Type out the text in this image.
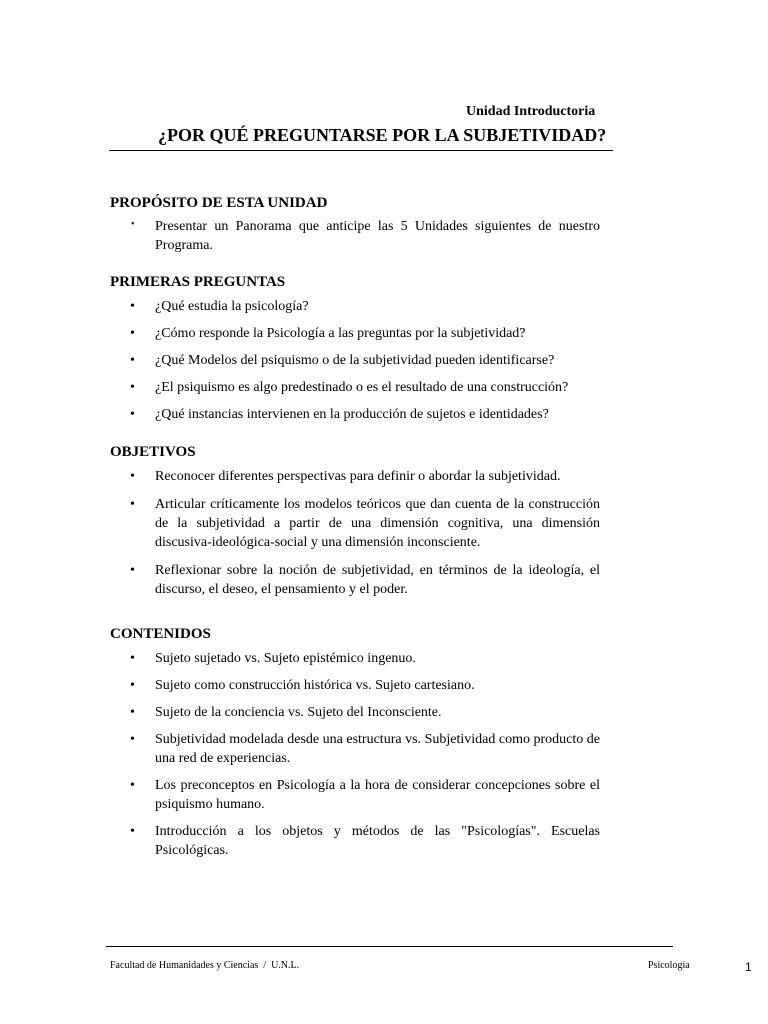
Unidad Introductoria
¿POR QUÉ PREGUNTARSE POR LA SUBJETIVIDAD?
PROPÓSITO DE ESTA UNIDAD
• Presentar un Panorama que anticipe las 5 Unidades siguientes de nuestro Programa.
PRIMERAS PREGUNTAS
• ¿Qué estudia la psicología?
• ¿Cómo responde la Psicología a las preguntas por la subjetividad?
• ¿Qué Modelos del psiquismo o de la subjetividad pueden identificarse?
• ¿El psiquismo es algo predestinado o es el resultado de una construcción?
• ¿Qué instancias intervienen en la producción de sujetos e identidades?
OBJETIVOS
• Reconocer diferentes perspectivas para definir o abordar la subjetividad.
• Articular críticamente los modelos teóricos que dan cuenta de la construcción de la subjetividad a partir de una dimensión cognitiva, una dimensión discusiva-ideológica-social y una dimensión inconsciente.
• Reflexionar sobre la noción de subjetividad, en términos de la ideología, el discurso, el deseo, el pensamiento y el poder.
CONTENIDOS
• Sujeto sujetado vs. Sujeto epistémico ingenuo.
• Sujeto como construcción histórica vs. Sujeto cartesiano.
• Sujeto de la conciencia vs. Sujeto del Inconsciente.
• Subjetividad modelada desde una estructura vs. Subjetividad como producto de una red de experiencias.
• Los preconceptos en Psicología a la hora de considerar concepciones sobre el psiquismo humano.
• Introducción a los objetos y métodos de las "Psicologías". Escuelas Psicológicas.
Facultad de Humanidades y Ciencias  /  U.N.L.	Psicología	1
